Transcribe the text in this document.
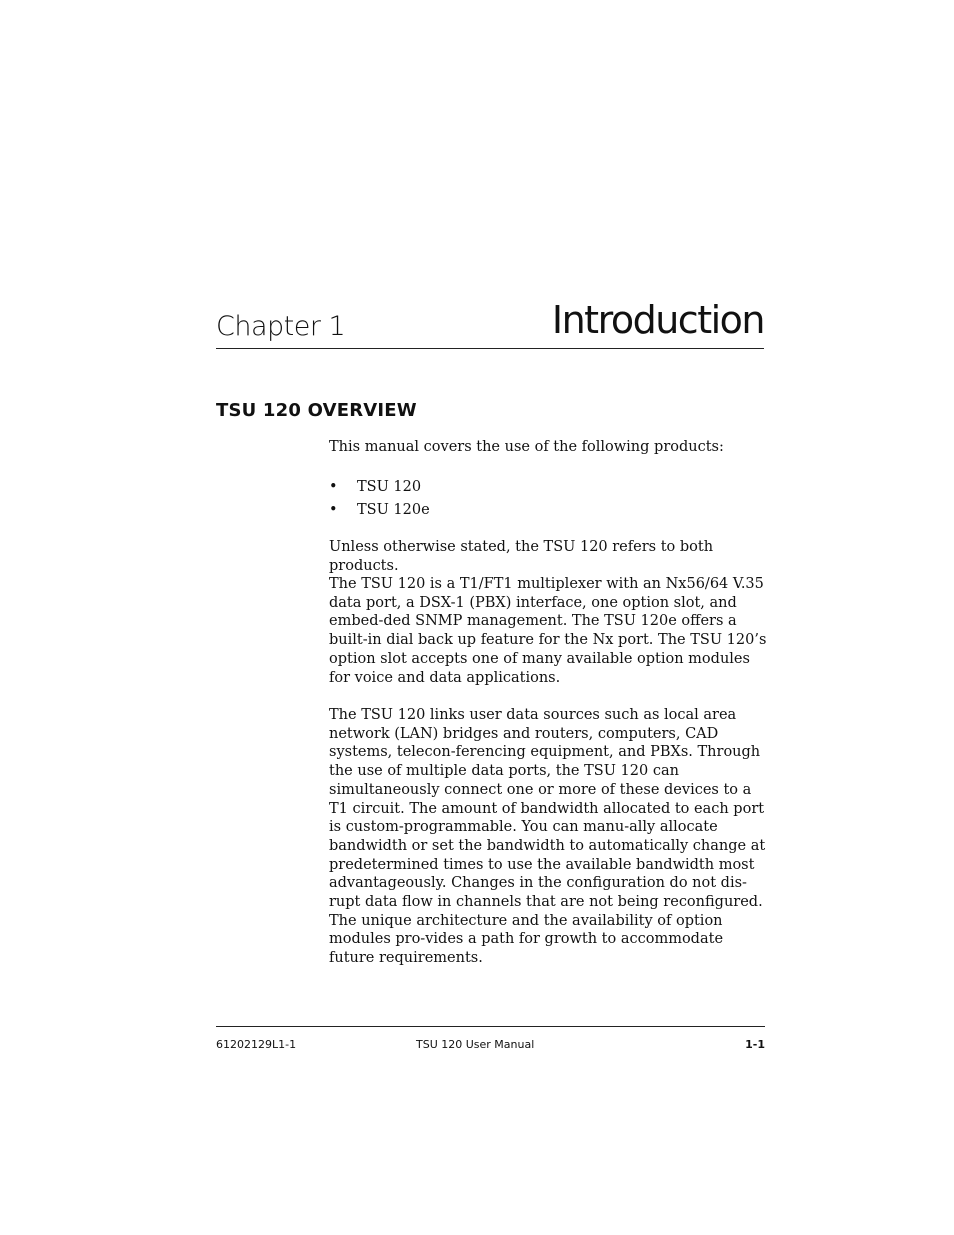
Chapter 1	Introduction
TSU 120 OVERVIEW

This manual covers the use of the following products:

• TSU 120
• TSU 120e

Unless otherwise stated, the TSU 120 refers to both products.

The TSU 120 is a T1/FT1 multiplexer with an Nx56/64 V.35 data port, a DSX-1 (PBX) interface, one option slot, and embed-ded SNMP management. The TSU 120e offers a built-in dial back up feature for the Nx port. The TSU 120’s option slot accepts one of many available option modules for voice and data applications.

The TSU 120 links user data sources such as local area network (LAN) bridges and routers, computers, CAD systems, telecon-ferencing equipment, and PBXs. Through the use of multiple data ports, the TSU 120 can simultaneously connect one or more of these devices to a T1 circuit. The amount of bandwidth allocated to each port is custom-programmable. You can manu-ally allocate bandwidth or set the bandwidth to automatically change at predetermined times to use the available bandwidth most advantageously. Changes in the configuration do not dis-rupt data flow in channels that are not being reconfigured. The unique architecture and the availability of option modules pro-vides a path for growth to accommodate future requirements.

61202129L1-1	TSU 120 User Manual	1-1
